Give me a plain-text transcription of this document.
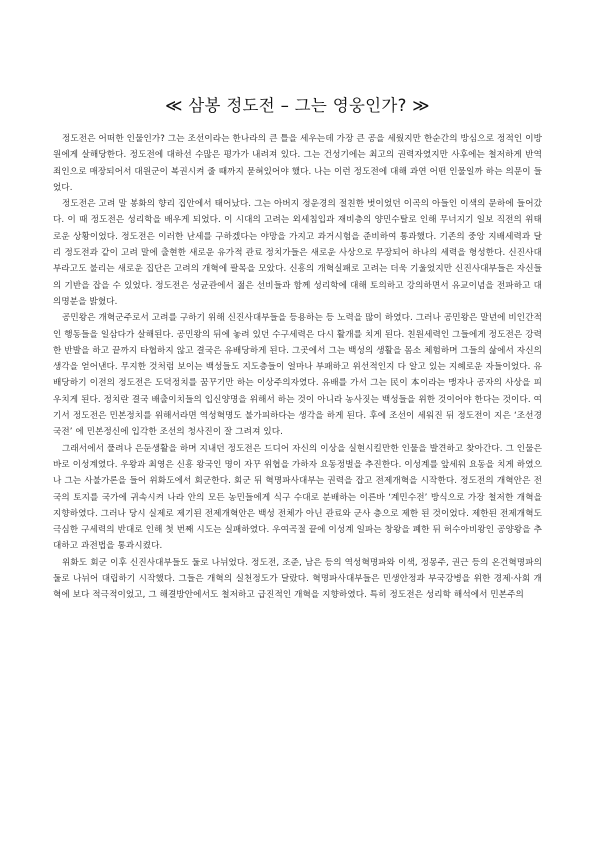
≪ 삼봉 정도전 – 그는 영웅인가? ≫

정도전은 어떠한 인물인가? 그는 조선이라는 한나라의 큰 틀을 세우는데 가장 큰 공을 세웠지만 한순간의 방심으로 정적인 이방원에게 살해당한다. 정도전에 대하선 수많은 평가가 내려져 있다. 그는 건성기에는 최고의 권력자였지만 사후에는 철저하게 반역죄인으로 매장되어서 대원군이 복권시켜 줄 때까지 묻혀있어야 했다. 나는 이런 정도전에 대해 과연 어떤 인물일까 하는 의문이 들었다.

정도전은 고려 말 봉화의 향리 집안에서 태어났다. 그는 아버지 정운경의 절친한 벗이었던 이곡의 아들인 이색의 문하에 들어갔다. 이 때 정도전은 성리학을 배우게 되었다. 이 시대의 고려는 외세침입과 재비층의 양민수탈로 인해 무너지기 일보 직전의 위태로운 상황이었다. 정도전은 이러한 난세를 구하겠다는 야망을 가지고 과거시험을 준비하여 통과했다. 기존의 중앙 지배세력과 달리 정도전과 같이 고려 말에 출현한 새로운 유가적 관료 정치가들은 새로운 사상으로 무장되어 하나의 세력을 형성한다. 신진사대부라고도 불리는 새로운 집단은 고려의 개혁에 팔목을 모았다. 신흥의 개혁실패로 고려는 더욱 기울었지만 신진사대부들은 자신들의 기반을 잡을 수 있었다. 정도전은 성균관에서 젊은 선비들과 함께 성리학에 대해 토의하고 강의하면서 유교이념을 전파하고 대의명분을 밝혔다.

공민왕은 개혁군주로서 고려를 구하기 위해 신진사대부들을 등용하는 등 노력을 많이 하였다. 그러나 공민왕은 말년에 비인간적인 행동들을 일삼다가 살해된다. 공민왕의 뒤에 놓려 있던 수구세력은 다시 활개를 치게 된다. 친원세력인 그들에게 정도전은 강력한 반발을 하고 끝까지 타협하지 않고 결국은 유배당하게 된다. 그곳에서 그는 백성의 생활을 몸소 체험하며 그들의 삶에서 자신의 생각을 얻어낸다. 무지한 것처럼 보이는 백성들도 지도층들이 얼마나 부패하고 위선적인지 다 알고 있는 지혜로운 자들이었다. 유배당하기 이전의 정도전은 도덕정치를 꿈꾸기만 하는 이상주의자였다. 유배를 가서 그는 民이 本이라는 맹자나 공자의 사상을 피우치게 된다. 정치란 결국 배출이치들의 입신양명을 위해서 하는 것이 아니라 농사짓는 백성들을 위한 것이어야 한다는 것이다. 여기서 정도전은 민본정치를 위해서라면 역성혁명도 불가피하다는 생각을 하게 된다. 후에 조선이 세워진 뒤 정도전이 지은 ‘조선경국전’ 에 민본정신에 입각한 조선의 청사진이 잘 그려져 있다.

그래서에서 풀려나 은둔생활을 하며 지내던 정도전은 드디어 자신의 이상을 실현시킬만한 인물을 발견하고 찾아간다. 그 인물은 바로 이성계였다. 우왕과 최영은 신흥 왕국인 명이 자꾸 위협을 가하자 요동정벌을 추진한다. 이성계를 앞세워 요동을 치게 하였으나 그는 사불가론을 들어 위화도에서 회군한다. 회군 뒤 혁명파사대부는 권력을 잡고 전제개혁을 시작한다. 정도전의 개혁안은 전국의 토지를 국가에 귀속시켜 나라 안의 모든 농민들에게 식구 수대로 분배하는 이른바 ‘계민수전’ 방식으로 가장 철저한 개혁을 지향하였다. 그러나 당시 실제로 제기된 전제개혁안은 백성 전체가 아닌 관료와 군사 층으로 제한 된 것이었다. 제한된 전제개혁도 극심한 구세력의 반대로 인해 첫 번째 시도는 실패하였다. 우여곡절 끝에 이성계 일파는 창왕을 폐한 뒤 허수아비왕인 공양왕을 추대하고 과전법을 통과시켰다.

위화도 회군 이후 신진사대부들도 둘로 나뉘었다. 정도전, 조준, 남은 등의 역성혁명파와 이색, 정몽주, 권근 등의 온건혁명파의 둘로 나뉘어 대립하기 시작했다. 그들은 개혁의 실천정도가 달랐다. 혁명파사대부들은 민생안정과 부국강병을 위한 경제·사회 개혁에 보다 적극적이었고, 그 해결방안에서도 철저하고 급진적인 개혁을 지향하였다. 특히 정도전은 성리학 해석에서 민본주의
